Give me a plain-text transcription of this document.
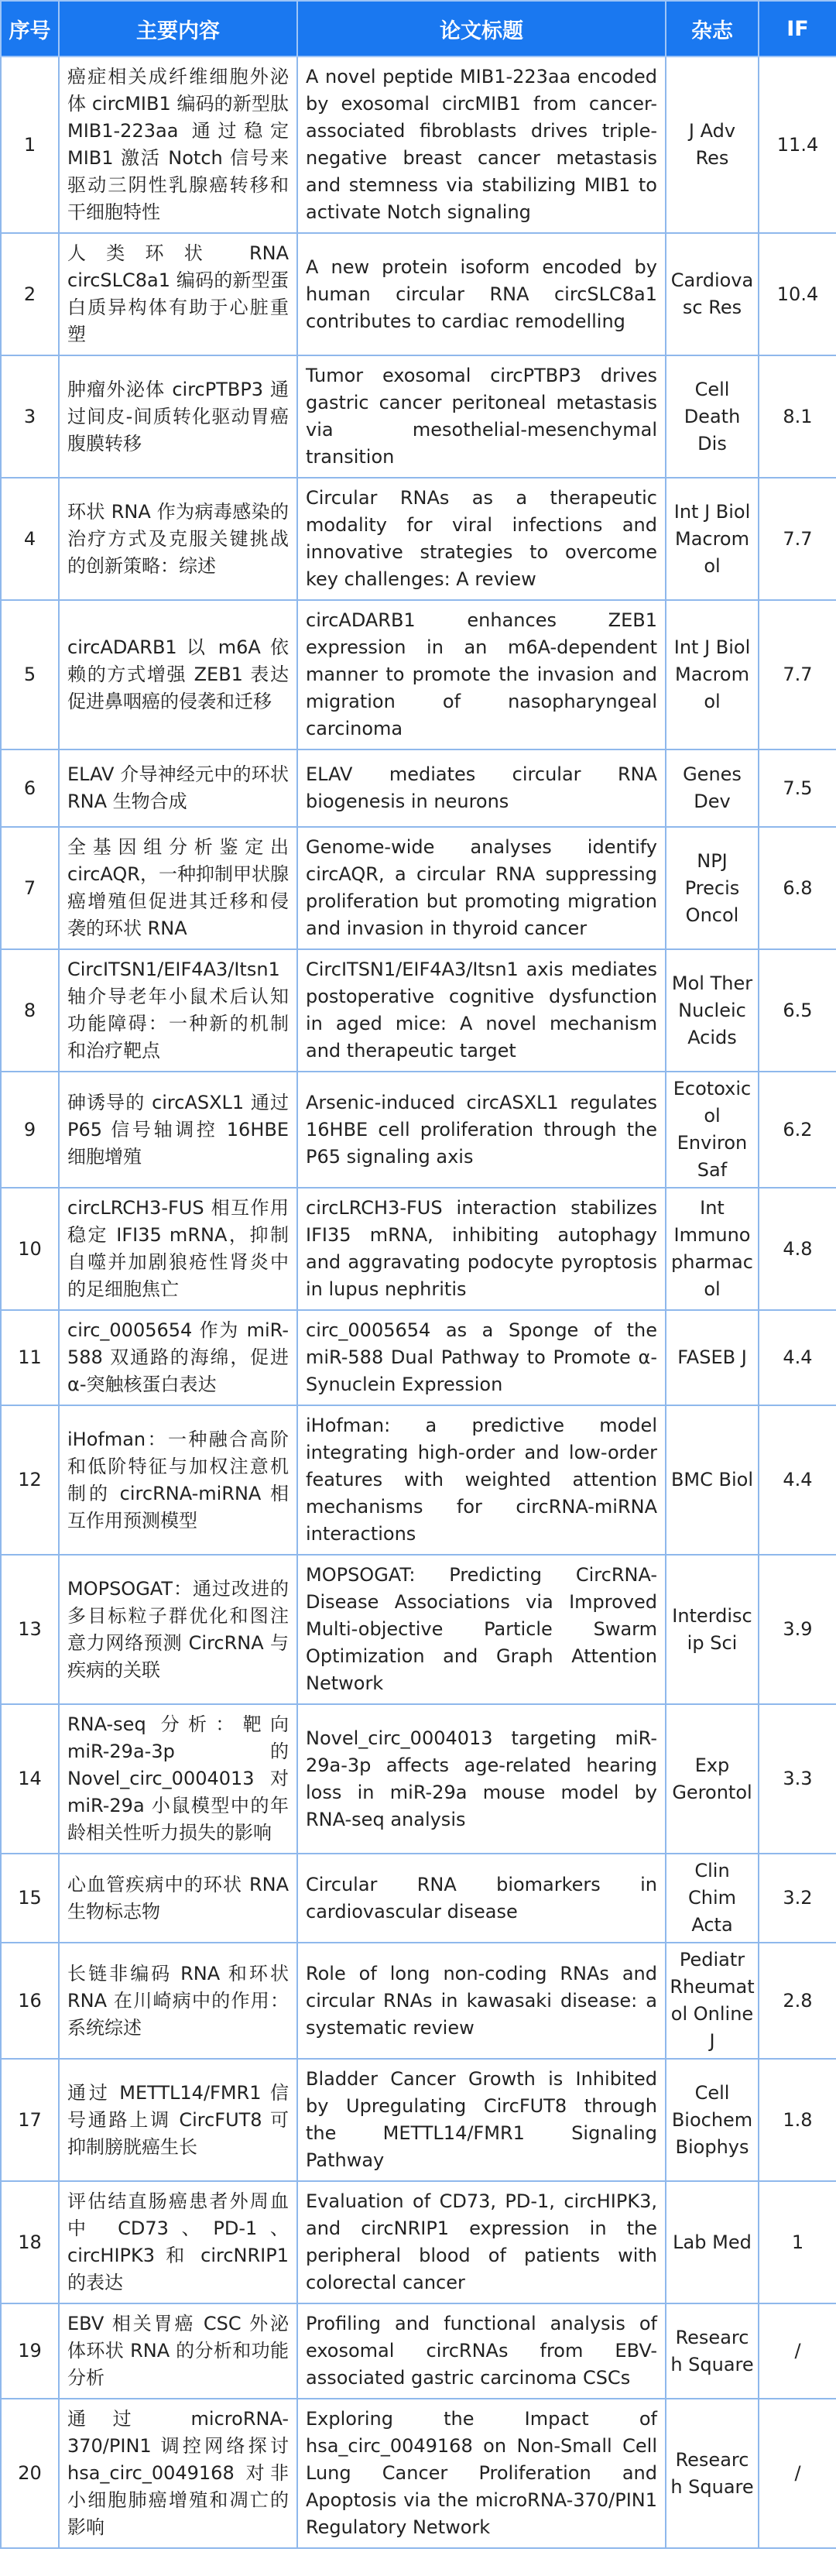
序号	主要内容	论文标题	杂志	IF
1	癌症相关成纤维细胞外泌体 circMIB1 编码的新型肽 MIB1-223aa 通过稳定 MIB1 激活 Notch 信号来驱动三阴性乳腺癌转移和干细胞特性	A novel peptide MIB1-223aa encoded by exosomal circMIB1 from cancer-associated fibroblasts drives triple-negative breast cancer metastasis and stemness via stabilizing MIB1 to activate Notch signaling	J Adv Res	11.4
2	人类环状 RNA circSLC8a1 编码的新型蛋白质异构体有助于心脏重塑	A new protein isoform encoded by human circular RNA circSLC8a1 contributes to cardiac remodelling	Cardiovasc Res	10.4
3	肿瘤外泌体 circPTBP3 通过间皮-间质转化驱动胃癌腹膜转移	Tumor exosomal circPTBP3 drives gastric cancer peritoneal metastasis via mesothelial-mesenchymal transition	Cell Death Dis	8.1
4	环状 RNA 作为病毒感染的治疗方式及克服关键挑战的创新策略：综述	Circular RNAs as a therapeutic modality for viral infections and innovative strategies to overcome key challenges: A review	Int J Biol Macromol	7.7
5	circADARB1 以 m6A 依赖的方式增强 ZEB1 表达促进鼻咽癌的侵袭和迁移	circADARB1 enhances ZEB1 expression in an m6A-dependent manner to promote the invasion and migration of nasopharyngeal carcinoma	Int J Biol Macromol	7.7
6	ELAV 介导神经元中的环状 RNA 生物合成	ELAV mediates circular RNA biogenesis in neurons	Genes Dev	7.5
7	全基因组分析鉴定出 circAQR，一种抑制甲状腺癌增殖但促进其迁移和侵袭的环状 RNA	Genome-wide analyses identify circAQR, a circular RNA suppressing proliferation but promoting migration and invasion in thyroid cancer	NPJ Precis Oncol	6.8
8	CircITSN1/EIF4A3/Itsn1 轴介导老年小鼠术后认知功能障碍：一种新的机制和治疗靶点	CircITSN1/EIF4A3/Itsn1 axis mediates postoperative cognitive dysfunction in aged mice: A novel mechanism and therapeutic target	Mol Ther Nucleic Acids	6.5
9	砷诱导的 circASXL1 通过 P65 信号轴调控 16HBE 细胞增殖	Arsenic-induced circASXL1 regulates 16HBE cell proliferation through the P65 signaling axis	Ecotoxicol Environ Saf	6.2
10	circLRCH3-FUS 相互作用稳定 IFI35 mRNA，抑制自噬并加剧狼疮性肾炎中的足细胞焦亡	circLRCH3-FUS interaction stabilizes IFI35 mRNA, inhibiting autophagy and aggravating podocyte pyroptosis in lupus nephritis	Int Immunopharmacol	4.8
11	circ_0005654 作为 miR-588 双通路的海绵，促进 α-突触核蛋白表达	circ_0005654 as a Sponge of the miR-588 Dual Pathway to Promote α-Synuclein Expression	FASEB J	4.4
12	iHofman：一种融合高阶和低阶特征与加权注意机制的 circRNA-miRNA 相互作用预测模型	iHofman: a predictive model integrating high-order and low-order features with weighted attention mechanisms for circRNA-miRNA interactions	BMC Biol	4.4
13	MOPSOGAT：通过改进的多目标粒子群优化和图注意力网络预测 CircRNA 与疾病的关联	MOPSOGAT: Predicting CircRNA-Disease Associations via Improved Multi-objective Particle Swarm Optimization and Graph Attention Network	Interdiscip Sci	3.9
14	RNA-seq 分析：靶向 miR-29a-3p 的 Novel_circ_0004013 对 miR-29a 小鼠模型中的年龄相关性听力损失的影响	Novel_circ_0004013 targeting miR-29a-3p affects age-related hearing loss in miR-29a mouse model by RNA-seq analysis	Exp Gerontol	3.3
15	心血管疾病中的环状 RNA 生物标志物	Circular RNA biomarkers in cardiovascular disease	Clin Chim Acta	3.2
16	长链非编码 RNA 和环状 RNA 在川崎病中的作用：系统综述	Role of long non-coding RNAs and circular RNAs in kawasaki disease: a systematic review	Pediatr Rheumatol Online J	2.8
17	通过 METTL14/FMR1 信号通路上调 CircFUT8 可抑制膀胱癌生长	Bladder Cancer Growth is Inhibited by Upregulating CircFUT8 through the METTL14/FMR1 Signaling Pathway	Cell Biochem Biophys	1.8
18	评估结直肠癌患者外周血中 CD73、PD-1、circHIPK3 和 circNRIP1 的表达	Evaluation of CD73, PD-1, circHIPK3, and circNRIP1 expression in the peripheral blood of patients with colorectal cancer	Lab Med	1
19	EBV 相关胃癌 CSC 外泌体环状 RNA 的分析和功能分析	Profiling and functional analysis of exosomal circRNAs from EBV-associated gastric carcinoma CSCs	Research Square	/
20	通过 microRNA-370/PIN1 调控网络探讨 hsa_circ_0049168 对非小细胞肺癌增殖和凋亡的影响	Exploring the Impact of hsa_circ_0049168 on Non-Small Cell Lung Cancer Proliferation and Apoptosis via the microRNA-370/PIN1 Regulatory Network	Research Square	/
